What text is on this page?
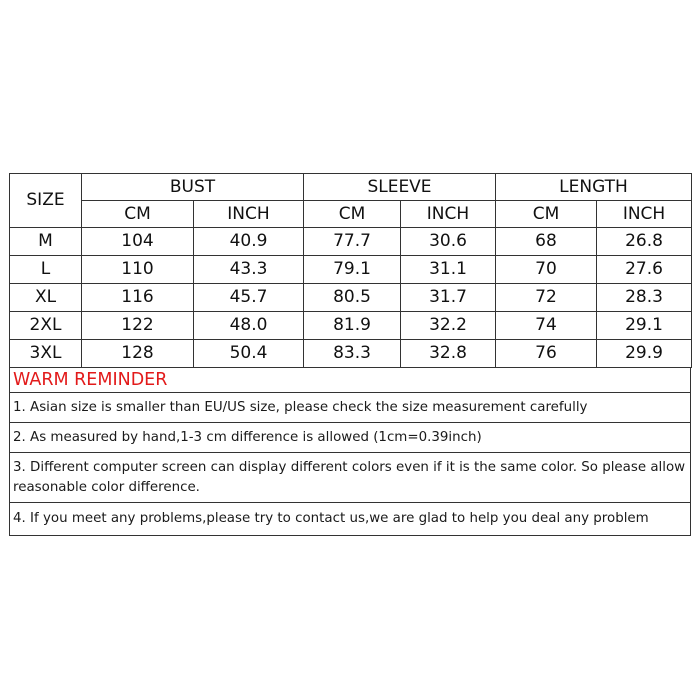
SIZE	BUST		SLEEVE		LENGTH	
	CM	INCH	CM	INCH	CM	INCH
M	104	40.9	77.7	30.6	68	26.8
L	110	43.3	79.1	31.1	70	27.6
XL	116	45.7	80.5	31.7	72	28.3
2XL	122	48.0	81.9	32.2	74	29.1
3XL	128	50.4	83.3	32.8	76	29.9
WARM REMINDER
1. Asian size is smaller than EU/US size, please check the size measurement carefully
2. As measured by hand,1-3 cm difference is allowed (1cm=0.39inch)
3. Different computer screen can display different colors even if it is the same color. So please allow reasonable color difference.
4. If you meet any problems,please try to contact us,we are glad to help you deal any problem
